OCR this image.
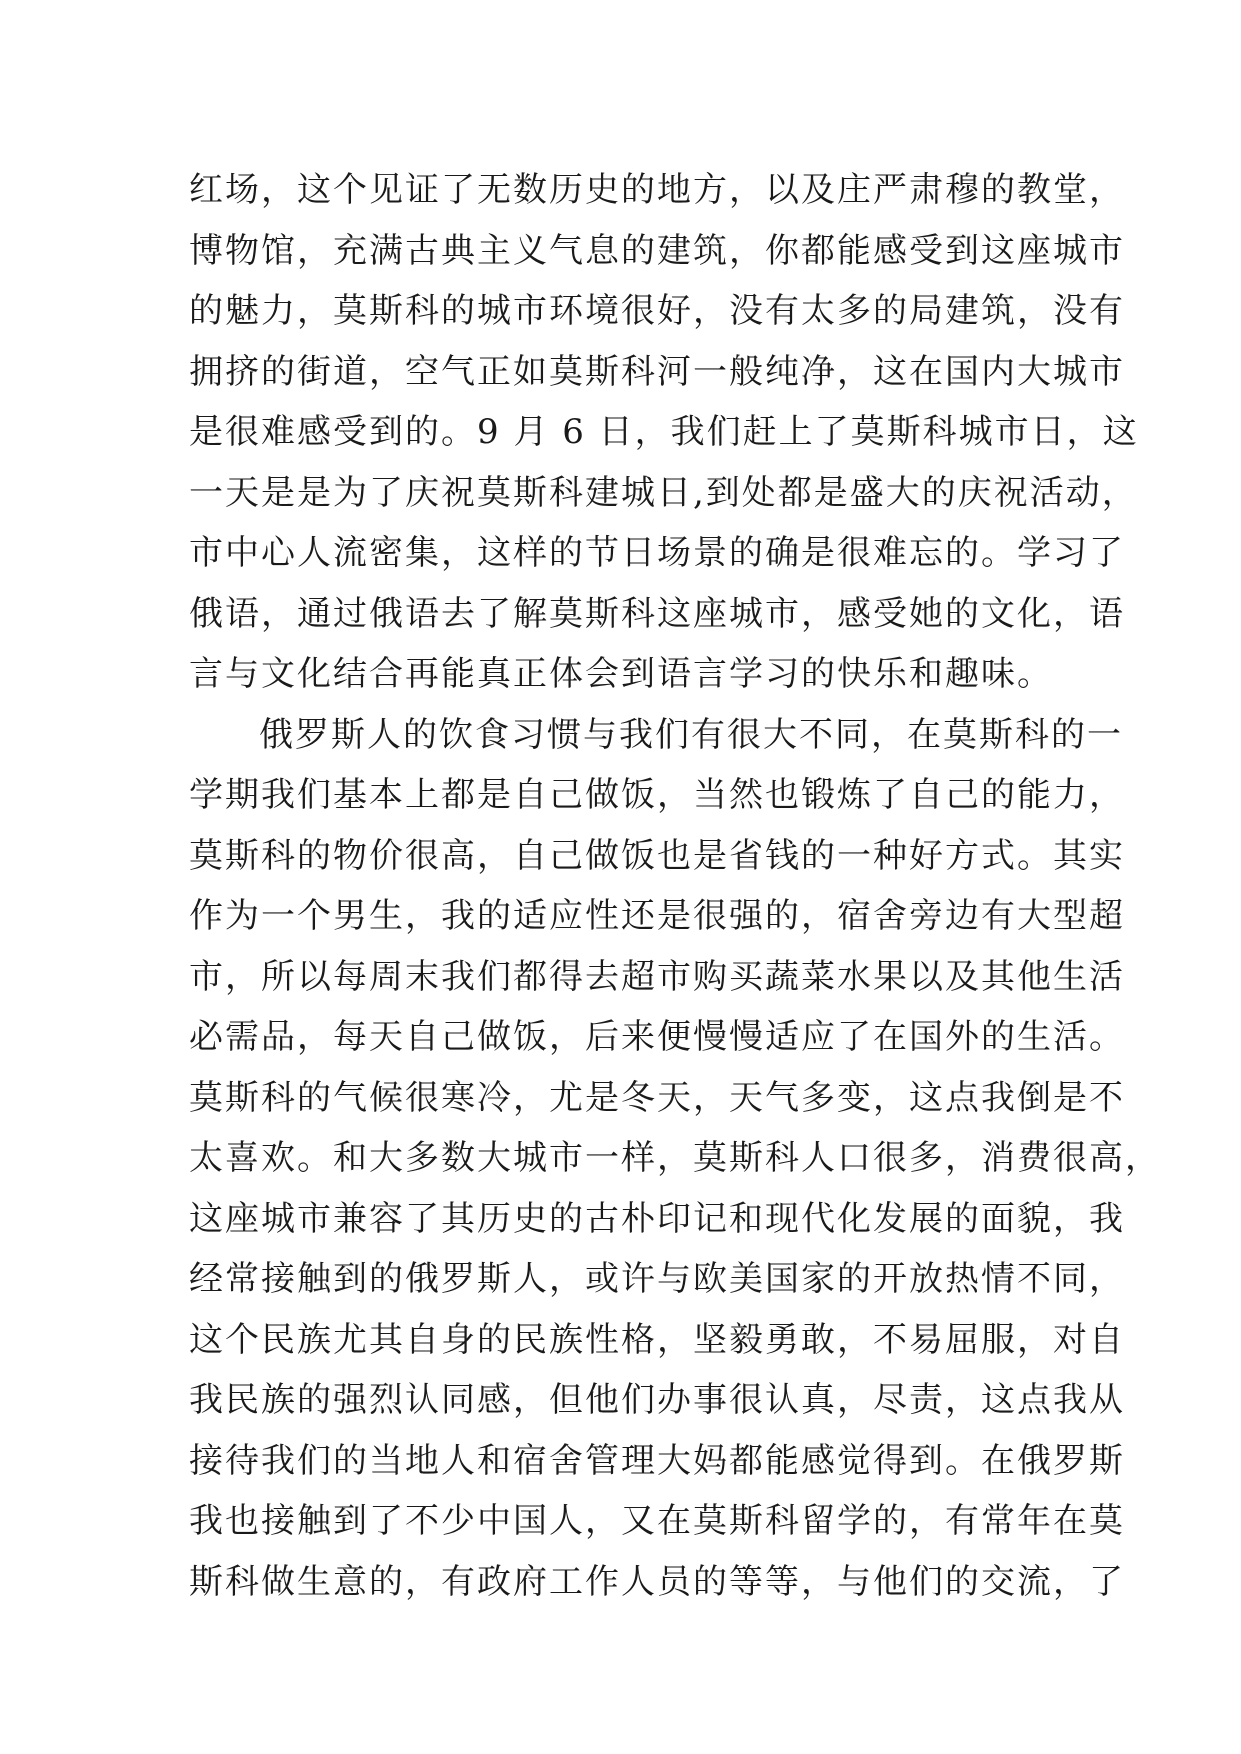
红场，这个见证了无数历史的地方，以及庄严肃穆的教堂，
博物馆，充满古典主义气息的建筑，你都能感受到这座城市
的魅力，莫斯科的城市环境很好，没有太多的局建筑，没有
拥挤的街道，空气正如莫斯科河一般纯净，这在国内大城市
是很难感受到的。9 月 6 日，我们赶上了莫斯科城市日，这
一天是是为了庆祝莫斯科建城日,到处都是盛大的庆祝活动，
市中心人流密集，这样的节日场景的确是很难忘的。学习了
俄语，通过俄语去了解莫斯科这座城市，感受她的文化，语
言与文化结合再能真正体会到语言学习的快乐和趣味。
俄罗斯人的饮食习惯与我们有很大不同，在莫斯科的一
学期我们基本上都是自己做饭，当然也锻炼了自己的能力，
莫斯科的物价很高，自己做饭也是省钱的一种好方式。其实
作为一个男生，我的适应性还是很强的，宿舍旁边有大型超
市，所以每周末我们都得去超市购买蔬菜水果以及其他生活
必需品，每天自己做饭，后来便慢慢适应了在国外的生活。
莫斯科的气候很寒冷，尤是冬天，天气多变，这点我倒是不
太喜欢。和大多数大城市一样，莫斯科人口很多，消费很高，
这座城市兼容了其历史的古朴印记和现代化发展的面貌，我
经常接触到的俄罗斯人，或许与欧美国家的开放热情不同，
这个民族尤其自身的民族性格，坚毅勇敢，不易屈服，对自
我民族的强烈认同感，但他们办事很认真，尽责，这点我从
接待我们的当地人和宿舍管理大妈都能感觉得到。在俄罗斯
我也接触到了不少中国人，又在莫斯科留学的，有常年在莫
斯科做生意的，有政府工作人员的等等，与他们的交流，了
